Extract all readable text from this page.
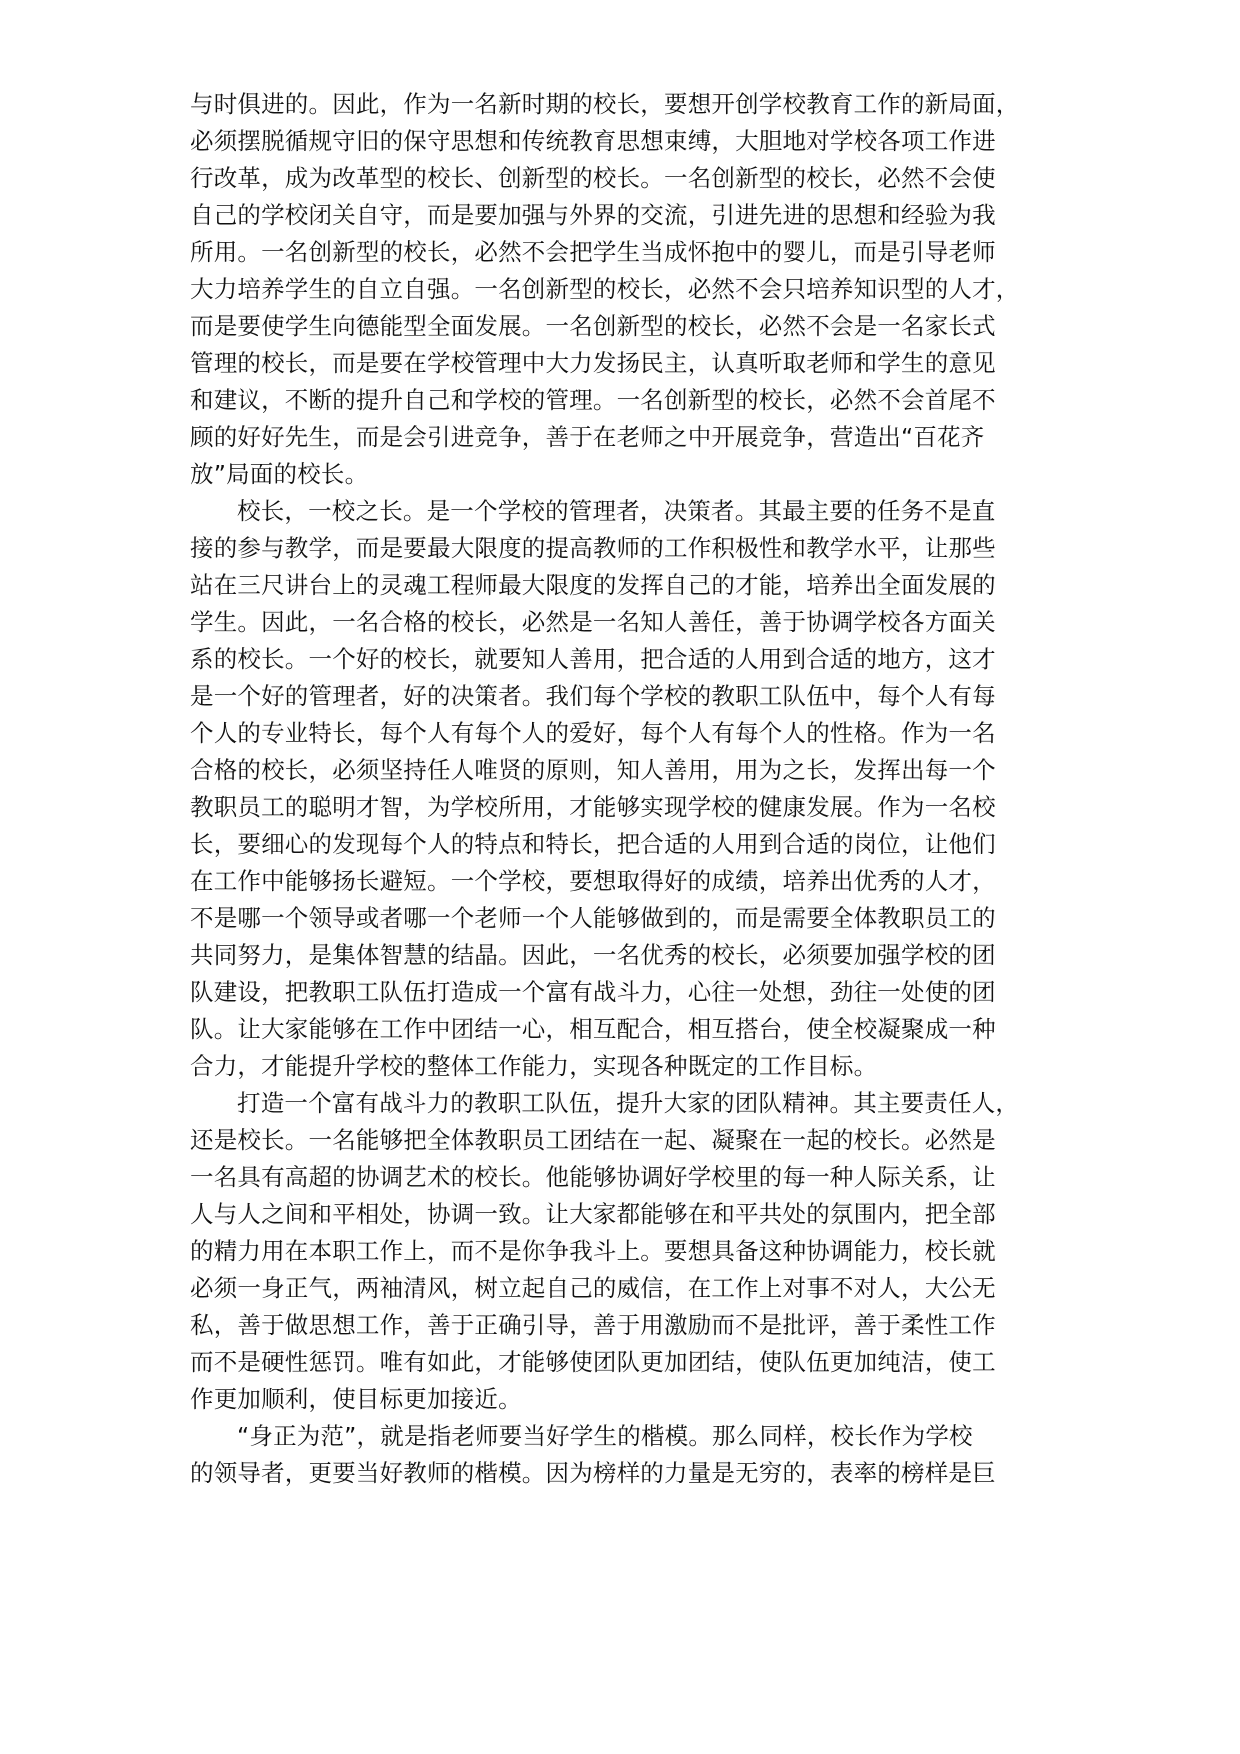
与时俱进的。因此，作为一名新时期的校长，要想开创学校教育工作的新局面，
必须摆脱循规守旧的保守思想和传统教育思想束缚，大胆地对学校各项工作进
行改革，成为改革型的校长、创新型的校长。一名创新型的校长，必然不会使
自己的学校闭关自守，而是要加强与外界的交流，引进先进的思想和经验为我
所用。一名创新型的校长，必然不会把学生当成怀抱中的婴儿，而是引导老师
大力培养学生的自立自强。一名创新型的校长，必然不会只培养知识型的人才，
而是要使学生向德能型全面发展。一名创新型的校长，必然不会是一名家长式
管理的校长，而是要在学校管理中大力发扬民主，认真听取老师和学生的意见
和建议，不断的提升自己和学校的管理。一名创新型的校长，必然不会首尾不
顾的好好先生，而是会引进竞争，善于在老师之中开展竞争，营造出“百花齐
放”局面的校长。
校长，一校之长。是一个学校的管理者，决策者。其最主要的任务不是直
接的参与教学，而是要最大限度的提高教师的工作积极性和教学水平，让那些
站在三尺讲台上的灵魂工程师最大限度的发挥自己的才能，培养出全面发展的
学生。因此，一名合格的校长，必然是一名知人善任，善于协调学校各方面关
系的校长。一个好的校长，就要知人善用，把合适的人用到合适的地方，这才
是一个好的管理者，好的决策者。我们每个学校的教职工队伍中，每个人有每
个人的专业特长，每个人有每个人的爱好，每个人有每个人的性格。作为一名
合格的校长，必须坚持任人唯贤的原则，知人善用，用为之长，发挥出每一个
教职员工的聪明才智，为学校所用，才能够实现学校的健康发展。作为一名校
长，要细心的发现每个人的特点和特长，把合适的人用到合适的岗位，让他们
在工作中能够扬长避短。一个学校，要想取得好的成绩，培养出优秀的人才，
不是哪一个领导或者哪一个老师一个人能够做到的，而是需要全体教职员工的
共同努力，是集体智慧的结晶。因此，一名优秀的校长，必须要加强学校的团
队建设，把教职工队伍打造成一个富有战斗力，心往一处想，劲往一处使的团
队。让大家能够在工作中团结一心，相互配合，相互搭台，使全校凝聚成一种
合力，才能提升学校的整体工作能力，实现各种既定的工作目标。
打造一个富有战斗力的教职工队伍，提升大家的团队精神。其主要责任人，
还是校长。一名能够把全体教职员工团结在一起、凝聚在一起的校长。必然是
一名具有高超的协调艺术的校长。他能够协调好学校里的每一种人际关系，让
人与人之间和平相处，协调一致。让大家都能够在和平共处的氛围内，把全部
的精力用在本职工作上，而不是你争我斗上。要想具备这种协调能力，校长就
必须一身正气，两袖清风，树立起自己的威信，在工作上对事不对人，大公无
私，善于做思想工作，善于正确引导，善于用激励而不是批评，善于柔性工作
而不是硬性惩罚。唯有如此，才能够使团队更加团结，使队伍更加纯洁，使工
作更加顺利，使目标更加接近。
“身正为范”，就是指老师要当好学生的楷模。那么同样，校长作为学校
的领导者，更要当好教师的楷模。因为榜样的力量是无穷的，表率的榜样是巨
